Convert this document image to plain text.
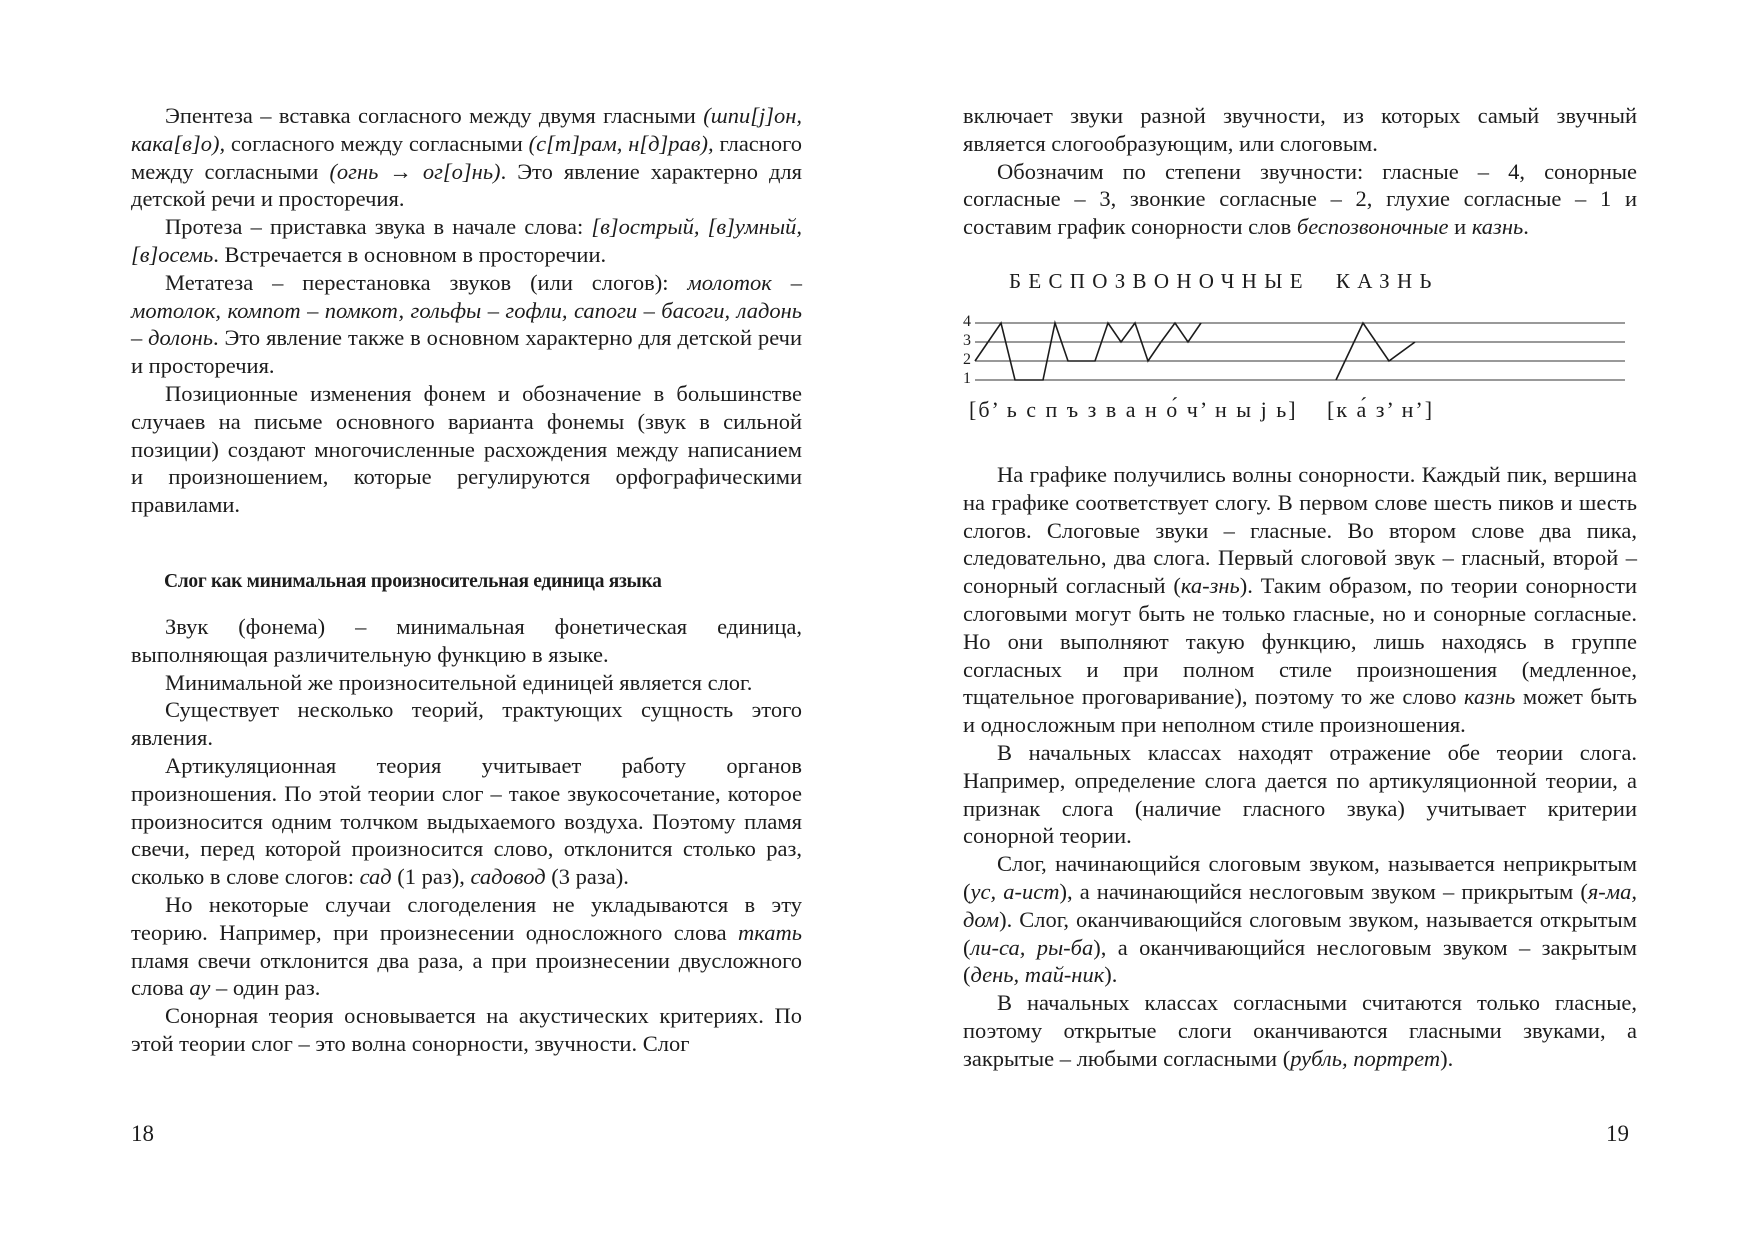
Эпентеза – вставка согласного между двумя гласными (шпи[j]он, кака[в]о), согласного между согласными (с[т]рам, н[д]рав), гласного между согласными (огнь → ог[о]нь). Это явление характерно для детской речи и просторечия.

Протеза – приставка звука в начале слова: [в]острый, [в]умный, [в]осемь. Встречается в основном в просторечии.

Метатеза – перестановка звуков (или слогов): молоток – мотолок, компот – помкот, гольфы – гофли, сапоги – басоги, ладонь – долонь. Это явление также в основном характерно для детской речи и просторечия.

Позиционные изменения фонем и обозначение в большинстве случаев на письме основного варианта фонемы (звук в сильной позиции) создают многочисленные расхождения между написанием и произношением, которые регулируются орфографическими правилами.

Слог как минимальная произносительная единица языка

Звук (фонема) – минимальная фонетическая единица, выполняющая различительную функцию в языке.

Минимальной же произносительной единицей является слог.

Существует несколько теорий, трактующих сущность этого явления.

Артикуляционная теория учитывает работу органов произношения. По этой теории слог – такое звукосочетание, которое произносится одним толчком выдыхаемого воздуха. Поэтому пламя свечи, перед которой произносится слово, отклонится столько раз, сколько в слове слогов: сад (1 раз), садовод (3 раза).

Но некоторые случаи слогоделения не укладываются в эту теорию. Например, при произнесении односложного слова ткать пламя свечи отклонится два раза, а при произнесении двусложного слова ау – один раз.

Сонорная теория основывается на акустических критериях. По этой теории слог – это волна сонорности, звучности. Слог

18

включает звуки разной звучности, из которых самый звучный является слогообразующим, или слоговым.

Обозначим по степени звучности: гласные – 4, сонорные согласные – 3, звонкие согласные – 2, глухие согласные – 1 и составим график сонорности слов беспозвоночные и казнь.

БЕСПОЗВОНОЧНЫЕ КАЗНЬ
4
3
2
1
[б’ ь с п ъ з в а н о́ ч’ н ы j ь] [к а́ з’ н’]

На графике получились волны сонорности. Каждый пик, вершина на графике соответствует слогу. В первом слове шесть пиков и шесть слогов. Слоговые звуки – гласные. Во втором слове два пика, следовательно, два слога. Первый слоговой звук – гласный, второй – сонорный согласный (ка-знь). Таким образом, по теории сонорности слоговыми могут быть не только гласные, но и сонорные согласные. Но они выполняют такую функцию, лишь находясь в группе согласных и при полном стиле произношения (медленное, тщательное проговаривание), поэтому то же слово казнь может быть и односложным при неполном стиле произношения.

В начальных классах находят отражение обе теории слога. Например, определение слога дается по артикуляционной теории, а признак слога (наличие гласного звука) учитывает критерии сонорной теории.

Слог, начинающийся слоговым звуком, называется неприкрытым (ус, а-ист), а начинающийся неслоговым звуком – прикрытым (я-ма, дом). Слог, оканчивающийся слоговым звуком, называется открытым (ли-са, ры-ба), а оканчивающийся неслоговым звуком – закрытым (день, тай-ник).

В начальных классах согласными считаются только гласные, поэтому открытые слоги оканчиваются гласными звуками, а закрытые – любыми согласными (рубль, портрет).

19
